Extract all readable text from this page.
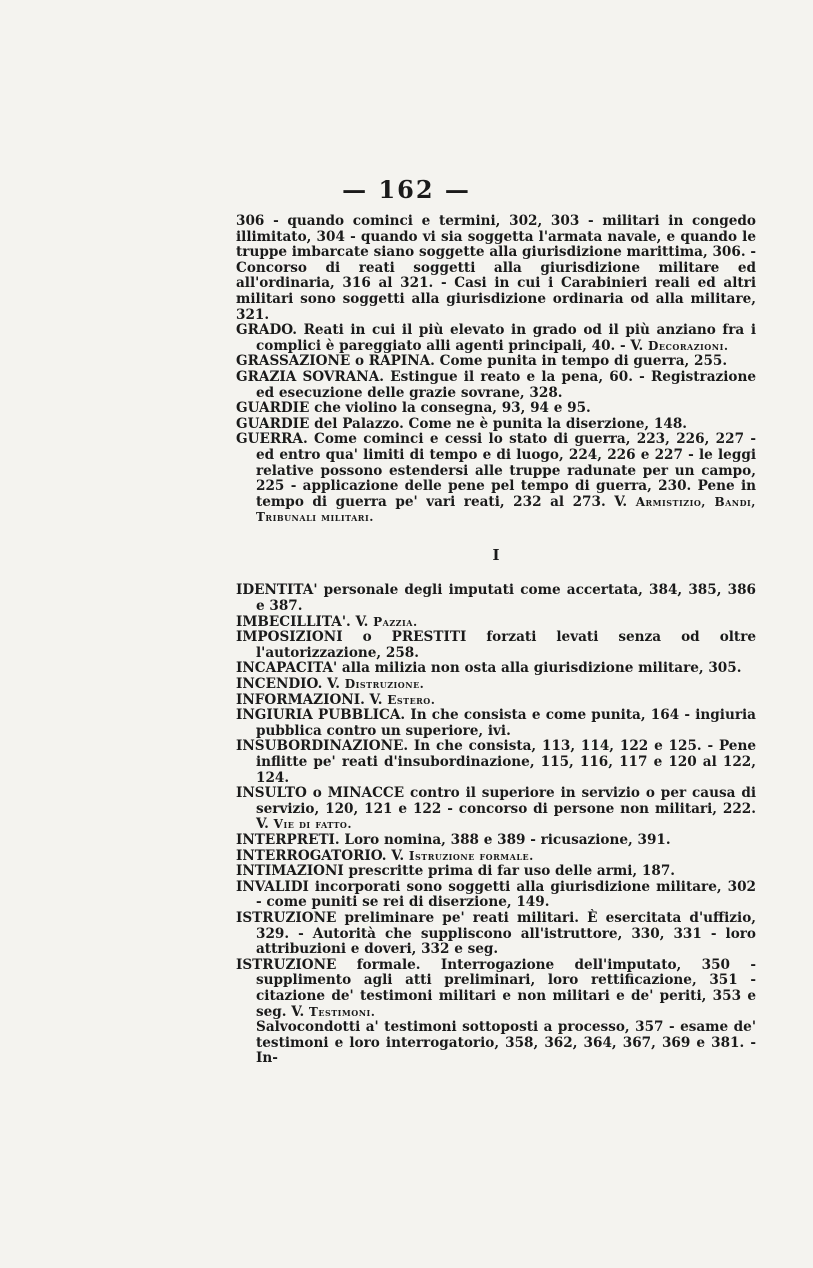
— 162 —

306 - quando cominci e termini, 302, 303 - militari in congedo illimitato, 304 - quando vi sia soggetta l'armata navale, e quando le truppe imbarcate siano soggette alla giurisdizione marittima, 306. - Concorso di reati soggetti alla giurisdizione militare ed all'ordinaria, 316 al 321. - Casi in cui i Carabinieri reali ed altri militari sono soggetti alla giurisdizione ordinaria od alla militare, 321.

GRADO. Reati in cui il più elevato in grado od il più anziano fra i complici è pareggiato alli agenti principali, 40. - V. Decorazioni.

GRASSAZIONE o RAPINA. Come punita in tempo di guerra, 255.

GRAZIA SOVRANA. Estingue il reato e la pena, 60. - Registrazione ed esecuzione delle grazie sovrane, 328.

GUARDIE che violino la consegna, 93, 94 e 95.

GUARDIE del Palazzo. Come ne è punita la diserzione, 148.

GUERRA. Come cominci e cessi lo stato di guerra, 223, 226, 227 - ed entro qua' limiti di tempo e di luogo, 224, 226 e 227 - le leggi relative possono estendersi alle truppe radunate per un campo, 225 - applicazione delle pene pel tempo di guerra, 230. Pene in tempo di guerra pe' vari reati, 232 al 273. V. Armistizio, Bandi, Tribunali militari.

I

IDENTITA' personale degli imputati come accertata, 384, 385, 386 e 387.

IMBECILLITA'. V. Pazzia.

IMPOSIZIONI o PRESTITI forzati levati senza od oltre l'autorizzazione, 258.

INCAPACITA' alla milizia non osta alla giurisdizione militare, 305.

INCENDIO. V. Distruzione.

INFORMAZIONI. V. Estero.

INGIURIA PUBBLICA. In che consista e come punita, 164 - ingiuria pubblica contro un superiore, ivi.

INSUBORDINAZIONE. In che consista, 113, 114, 122 e 125. - Pene inflitte pe' reati d'insubordinazione, 115, 116, 117 e 120 al 122, 124.

INSULTO o MINACCE contro il superiore in servizio o per causa di servizio, 120, 121 e 122 - concorso di persone non militari, 222. V. Vie di fatto.

INTERPRETI. Loro nomina, 388 e 389 - ricusazione, 391.

INTERROGATORIO. V. Istruzione formale.

INTIMAZIONI prescritte prima di far uso delle armi, 187.

INVALIDI incorporati sono soggetti alla giurisdizione militare, 302 - come puniti se rei di diserzione, 149.

ISTRUZIONE preliminare pe' reati militari. È esercitata d'uffizio, 329. - Autorità che suppliscono all'istruttore, 330, 331 - loro attribuzioni e doveri, 332 e seg.

ISTRUZIONE formale. Interrogazione dell'imputato, 350 - supplimento agli atti preliminari, loro rettificazione, 351 - citazione de' testimoni militari e non militari e de' periti, 353 e seg. V. Testimoni.

Salvocondotti a' testimoni sottoposti a processo, 357 - esame de' testimoni e loro interrogatorio, 358, 362, 364, 367, 369 e 381. - In-
